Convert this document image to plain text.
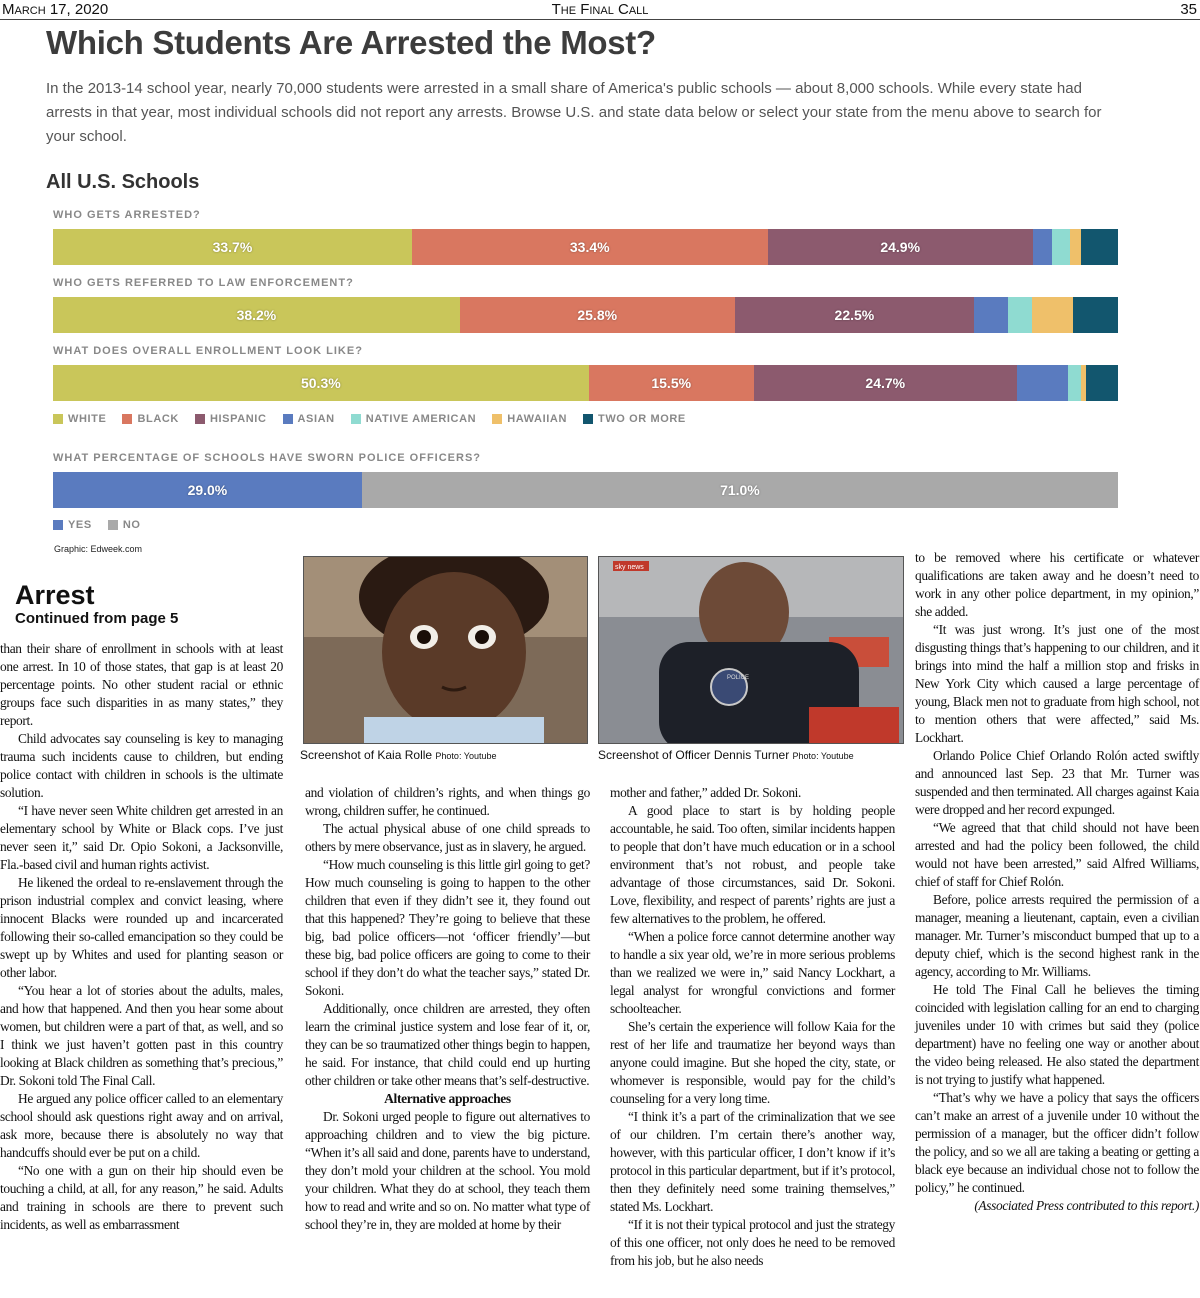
March 17, 2020	The Final Call	35
Which Students Are Arrested the Most?
In the 2013-14 school year, nearly 70,000 students were arrested in a small share of America's public schools — about 8,000 schools. While every state had arrests in that year, most individual schools did not report any arrests. Browse U.S. and state data below or select your state from the menu above to search for your school.
All U.S. Schools
WHO GETS ARRESTED?
33.7%	33.4%	24.9%
WHO GETS REFERRED TO LAW ENFORCEMENT?
38.2%	25.8%	22.5%
WHAT DOES OVERALL ENROLLMENT LOOK LIKE?
50.3%	15.5%	24.7%
WHITE	BLACK	HISPANIC	ASIAN	NATIVE AMERICAN	HAWAIIAN	TWO OR MORE
WHAT PERCENTAGE OF SCHOOLS HAVE SWORN POLICE OFFICERS?
29.0%	71.0%
YES	NO
Graphic: Edweek.com
Screenshot of Kaia Rolle Photo: Youtube
sky news
POLICE
Screenshot of Officer Dennis Turner Photo: Youtube
Arrest
Continued from page 5

than their share of enrollment in schools with at least one arrest. In 10 of those states, that gap is at least 20 percentage points. No other student racial or ethnic groups face such disparities in as many states,” they report.

Child advocates say counseling is key to managing trauma such incidents cause to children, but ending police contact with children in schools is the ultimate solution.

“I have never seen White children get arrested in an elementary school by White or Black cops. I’ve just never seen it,” said Dr. Opio Sokoni, a Jacksonville, Fla.-based civil and human rights activist.

He likened the ordeal to re-enslavement through the prison industrial complex and convict leasing, where innocent Blacks were rounded up and incarcerated following their so-called emancipation so they could be swept up by Whites and used for planting season or other labor.

“You hear a lot of stories about the adults, males, and how that happened. And then you hear some about women, but children were a part of that, as well, and so I think we just haven’t gotten past in this country looking at Black children as something that’s precious,” Dr. Sokoni told The Final Call.

He argued any police officer called to an elementary school should ask questions right away and on arrival, ask more, because there is absolutely no way that handcuffs should ever be put on a child.

“No one with a gun on their hip should even be touching a child, at all, for any reason,” he said. Adults and training in schools are there to prevent such incidents, as well as embarrassment

and violation of children’s rights, and when things go wrong, children suffer, he continued.

The actual physical abuse of one child spreads to others by mere observance, just as in slavery, he argued.

“How much counseling is this little girl going to get? How much counseling is going to happen to the other children that even if they didn’t see it, they found out that this happened? They’re going to believe that these big, bad police officers—not ‘officer friendly’—but these big, bad police officers are going to come to their school if they don’t do what the teacher says,” stated Dr. Sokoni.

Additionally, once children are arrested, they often learn the criminal justice system and lose fear of it, or, they can be so traumatized other things begin to happen, he said. For instance, that child could end up hurting other children or take other means that’s self-destructive.

Alternative approaches

Dr. Sokoni urged people to figure out alternatives to approaching children and to view the big picture. “When it’s all said and done, parents have to understand, they don’t mold your children at the school. You mold your children. What they do at school, they teach them how to read and write and so on. No matter what type of school they’re in, they are molded at home by their

mother and father,” added Dr. Sokoni.

A good place to start is by holding people accountable, he said. Too often, similar incidents happen to people that don’t have much education or in a school environment that’s not robust, and people take advantage of those circumstances, said Dr. Sokoni. Love, flexibility, and respect of parents’ rights are just a few alternatives to the problem, he offered.

“When a police force cannot determine another way to handle a six year old, we’re in more serious problems than we realized we were in,” said Nancy Lockhart, a legal analyst for wrongful convictions and former schoolteacher.

She’s certain the experience will follow Kaia for the rest of her life and traumatize her beyond ways than anyone could imagine. But she hoped the city, state, or whomever is responsible, would pay for the child’s counseling for a very long time.

“I think it’s a part of the criminalization that we see of our children. I’m certain there’s another way, however, with this particular officer, I don’t know if it’s protocol in this particular department, but if it’s protocol, then they definitely need some training themselves,” stated Ms. Lockhart.

“If it is not their typical protocol and just the strategy of this one officer, not only does he need to be removed from his job, but he also needs

to be removed where his certificate or whatever qualifications are taken away and he doesn’t need to work in any other police department, in my opinion,” she added.

“It was just wrong. It’s just one of the most disgusting things that’s happening to our children, and it brings into mind the half a million stop and frisks in New York City which caused a large percentage of young, Black men not to graduate from high school, not to mention others that were affected,” said Ms. Lockhart.

Orlando Police Chief Orlando Rolón acted swiftly and announced last Sep. 23 that Mr. Turner was suspended and then terminated. All charges against Kaia were dropped and her record expunged.

“We agreed that that child should not have been arrested and had the policy been followed, the child would not have been arrested,” said Alfred Williams, chief of staff for Chief Rolón.

Before, police arrests required the permission of a manager, meaning a lieutenant, captain, even a civilian manager. Mr. Turner’s misconduct bumped that up to a deputy chief, which is the second highest rank in the agency, according to Mr. Williams.

He told The Final Call he believes the timing coincided with legislation calling for an end to charging juveniles under 10 with crimes but said they (police department) have no feeling one way or another about the video being released. He also stated the department is not trying to justify what happened.

“That’s why we have a policy that says the officers can’t make an arrest of a juvenile under 10 without the permission of a manager, but the officer didn’t follow the policy, and so we all are taking a beating or getting a black eye because an individual chose not to follow the policy,” he continued.

(Associated Press contributed to this report.)
